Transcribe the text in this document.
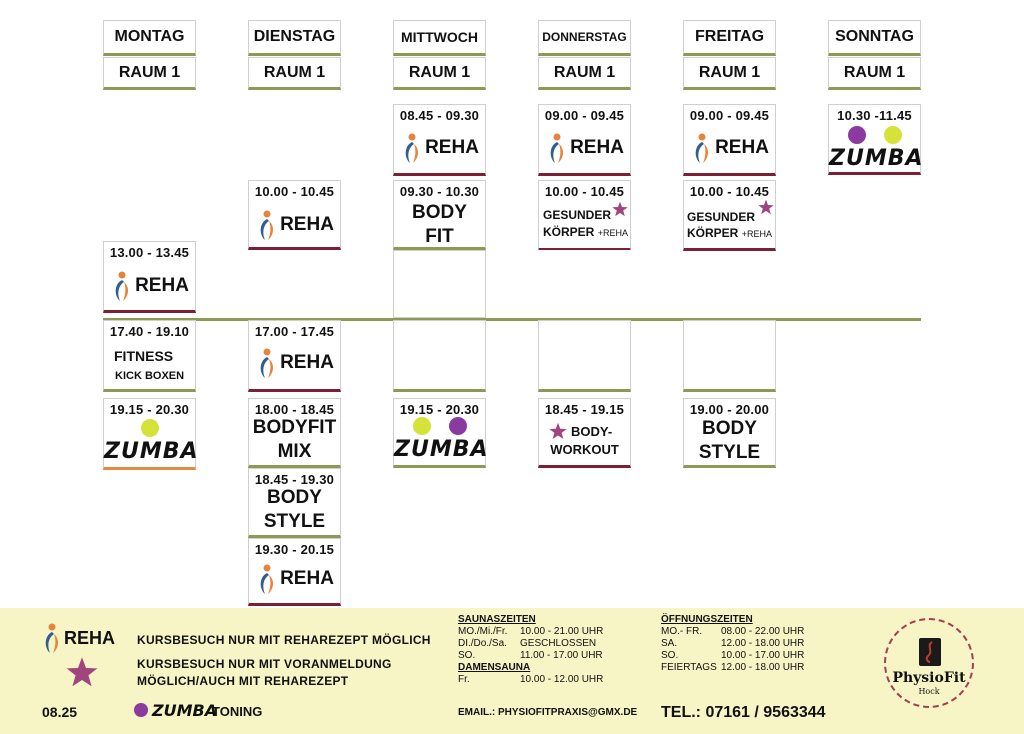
MONTAG
RAUM 1
DIENSTAG
RAUM 1
MITTWOCH
RAUM 1
DONNERSTAG
RAUM 1
FREITAG
RAUM 1
SONNTAG
RAUM 1
13.00 - 13.45
REHA
17.40 - 19.10
FITNESS
KICK BOXEN
19.15 - 20.30
ZUMBA
10.00 - 10.45
REHA
17.00 - 17.45
REHA
18.00 - 18.45
BODYFIT
MIX
18.45 - 19.30
BODY
STYLE
19.30 - 20.15
REHA
08.45 - 09.30
REHA
09.30 - 10.30
BODY
FIT
19.15 - 20.30
ZUMBA
09.00 - 09.45
REHA
10.00 - 10.45
GESUNDER
KÖRPER +REHA
18.45 - 19.15
BODY-
WORKOUT
09.00 - 09.45
REHA
10.00 - 10.45
GESUNDER
KÖRPER +REHA
19.00 - 20.00
BODY
STYLE
10.30 -11.45
ZUMBA
REHA KURSBESUCH NUR MIT REHAREZEPT MÖGLICH
KURSBESUCH NUR MIT VORANMELDUNG
MÖGLICH/AUCH MIT REHAREZEPT
ZUMBA
TONING
08.25
SAUNASZEITEN
MO./Mi./Fr.	10.00 - 21.00 UHR
DI./Do./Sa.	GESCHLOSSEN
SO.	11.00 - 17.00 UHR
DAMENSAUNA
Fr.	10.00 - 12.00 UHR
ÖFFNUNGSZEITEN
MO.- FR.	08.00 - 22.00 UHR
SA.	12.00 - 18.00 UHR
SO.	10.00 - 17.00 UHR
FEIERTAGS 12.00 - 18.00 UHR
EMAIL.: PHYSIOFITPRAXIS@GMX.DE TEL.: 07161 / 9563344
PhysioFit
Hock
